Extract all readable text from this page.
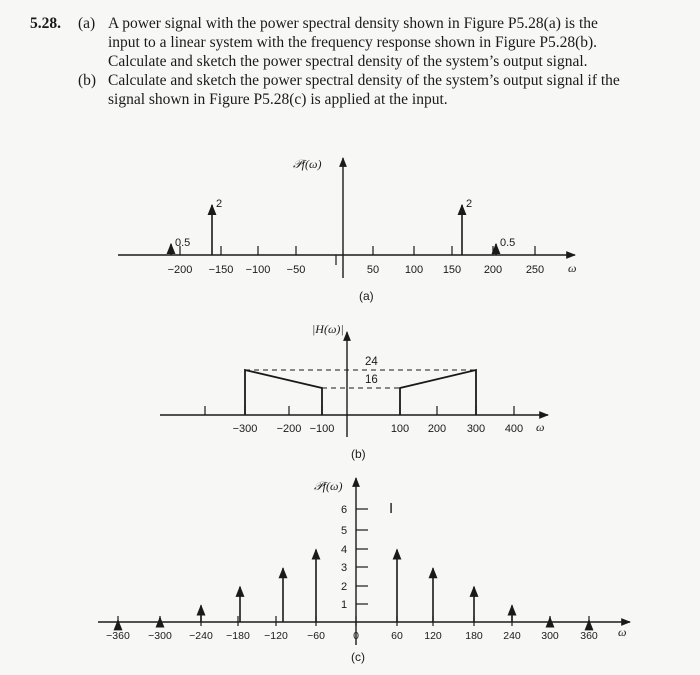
5.28. (a) A power signal with the power spectral density shown in Figure P5.28(a) is the
input to a linear system with the frequency response shown in Figure P5.28(b).
Calculate and sketch the power spectral density of the system’s output signal.
(b) Calculate and sketch the power spectral density of the system’s output signal if the
signal shown in Figure P5.28(c) is applied at the input.
−200 −150 −100 −50	50 100 150 200 250
0.5
2	2
0.5
𝒫f(ω)
ω
(a)
−300 −200 −100	100 200 300 400
24
16
|H(ω)|
ω
(b)
−360 −300 −240 −180 −120 −60	0	60 120 180 240 300 360
6
5
4
3
2
1
𝒫f(ω)
I
ω
(c)
